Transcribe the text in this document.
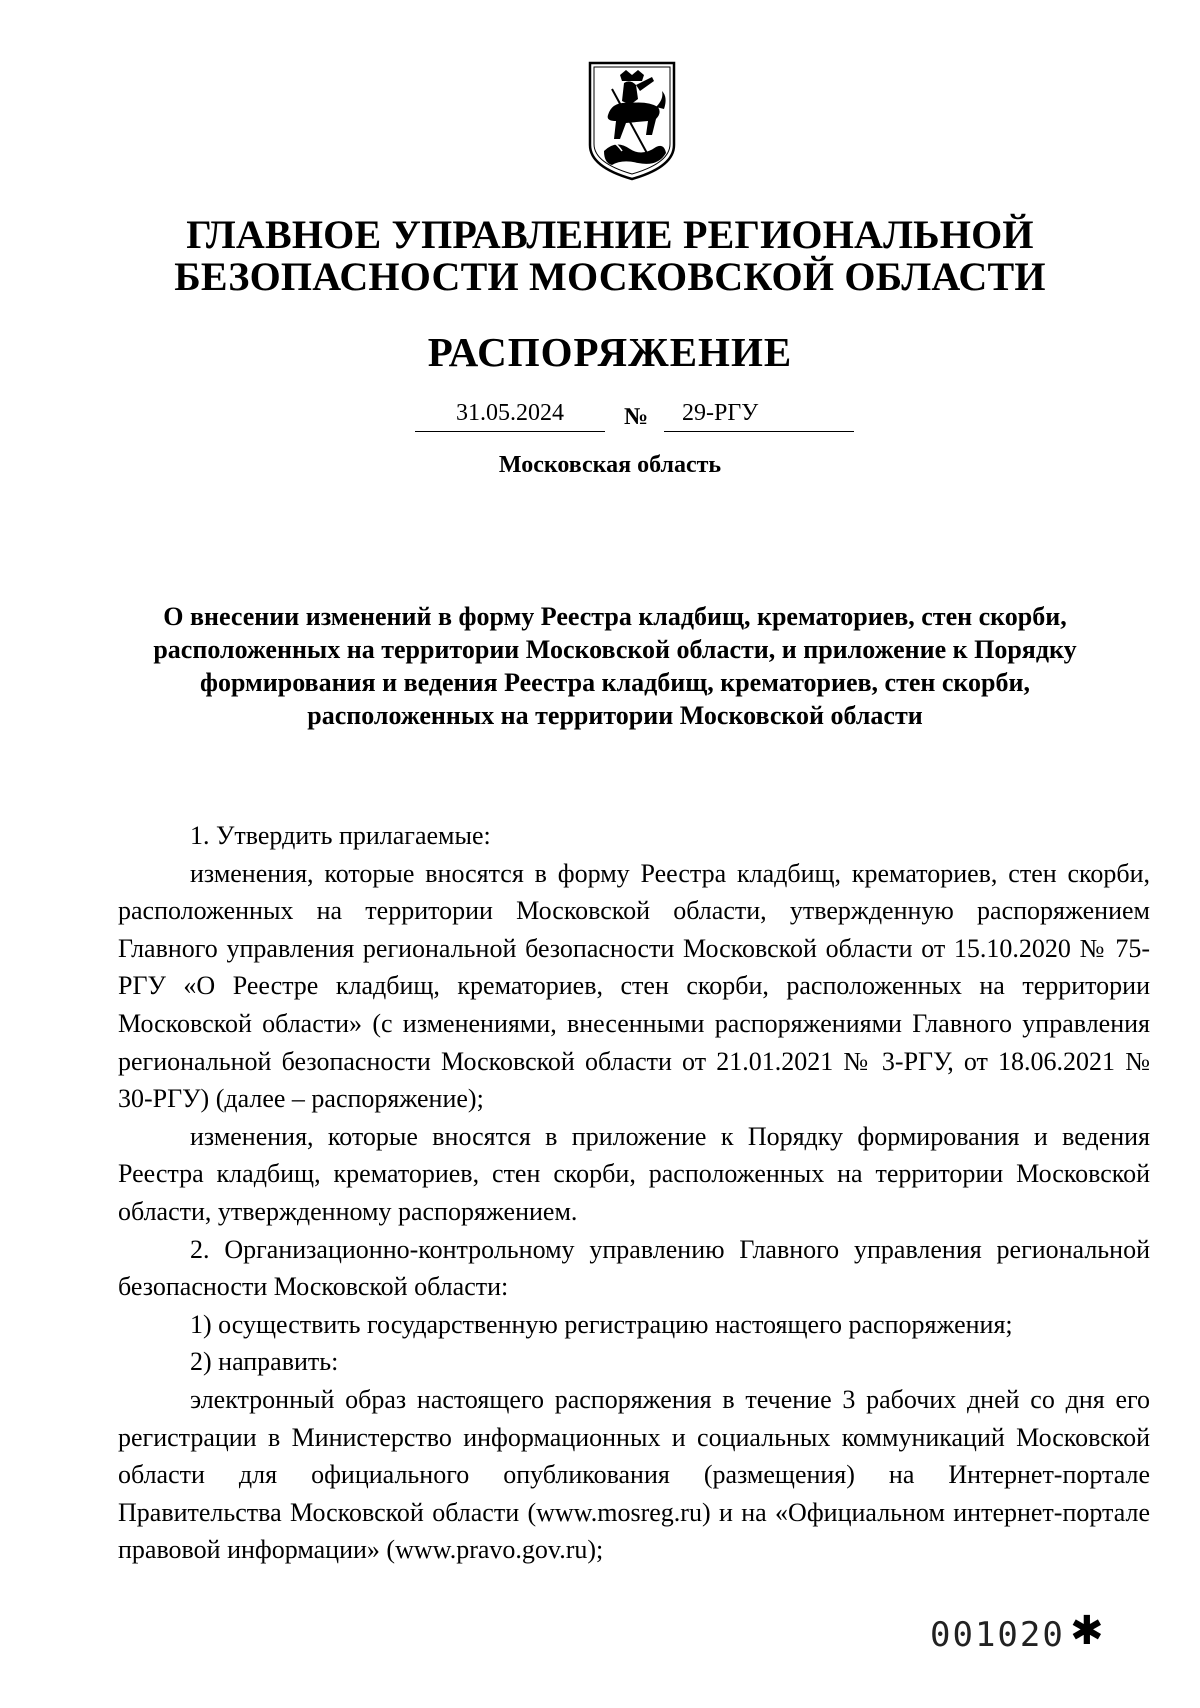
ГЛАВНОЕ УПРАВЛЕНИЕ РЕГИОНАЛЬНОЙ
БЕЗОПАСНОСТИ МОСКОВСКОЙ ОБЛАСТИ
РАСПОРЯЖЕНИЕ
31.05.2024	№	29-РГУ
Московская область
О внесении изменений в форму Реестра кладбищ, крематориев, стен скорби, расположенных на территории Московской области, и приложение к Порядку формирования и ведения Реестра кладбищ, крематориев, стен скорби, расположенных на территории Московской области

1. Утвердить прилагаемые:

изменения, которые вносятся в форму Реестра кладбищ, крематориев, стен скорби, расположенных на территории Московской области, утвержденную распоряжением Главного управления региональной безопасности Московской области от 15.10.2020 № 75-РГУ «О Реестре кладбищ, крематориев, стен скорби, расположенных на территории Московской области» (с изменениями, внесенными распоряжениями Главного управления региональной безопасности Московской области от 21.01.2021 № 3-РГУ, от 18.06.2021 № 30-РГУ) (далее – распоряжение);

изменения, которые вносятся в приложение к Порядку формирования и ведения Реестра кладбищ, крематориев, стен скорби, расположенных на территории Московской области, утвержденному распоряжением.

2. Организационно-контрольному управлению Главного управления региональной безопасности Московской области:

1) осуществить государственную регистрацию настоящего распоряжения;

2) направить:

электронный образ настоящего распоряжения в течение 3 рабочих дней со дня его регистрации в Министерство информационных и социальных коммуникаций Московской области для официального опубликования (размещения) на Интернет-портале Правительства Московской области (www.mosreg.ru) и на «Официальном интернет-портале правовой информации» (www.pravo.gov.ru);

001020 ✱
